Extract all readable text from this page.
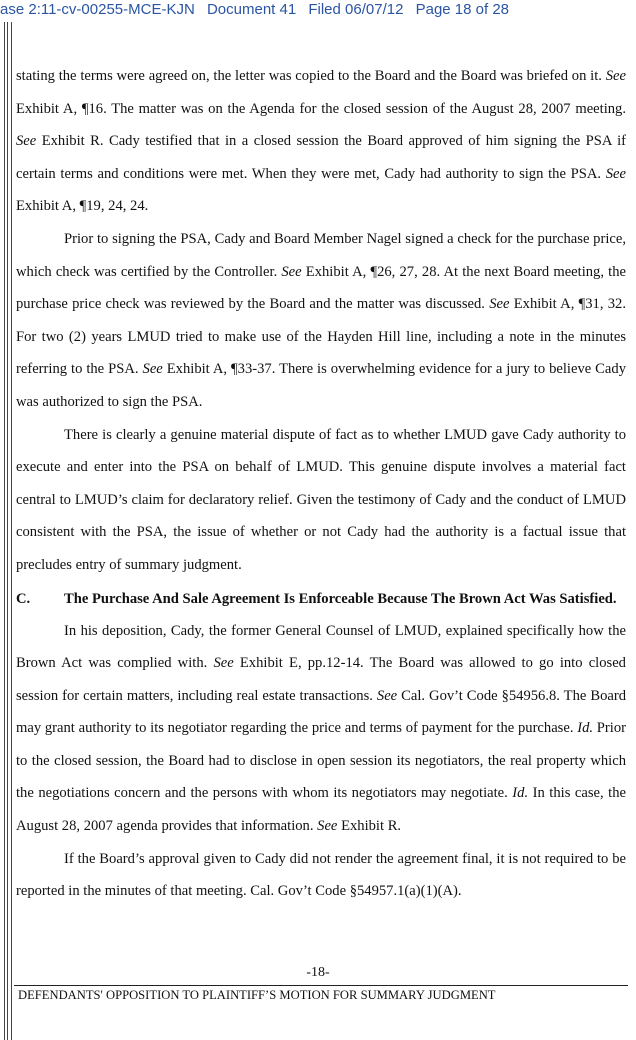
ase 2:11-cv-00255-MCE-KJN Document 41 Filed 06/07/12 Page 18 of 28

stating the terms were agreed on, the letter was copied to the Board and the Board was briefed on it. See Exhibit A, ¶16. The matter was on the Agenda for the closed session of the August 28, 2007 meeting. See Exhibit R. Cady testified that in a closed session the Board approved of him signing the PSA if certain terms and conditions were met. When they were met, Cady had authority to sign the PSA. See Exhibit A, ¶19, 24, 24.

Prior to signing the PSA, Cady and Board Member Nagel signed a check for the purchase price, which check was certified by the Controller. See Exhibit A, ¶26, 27, 28. At the next Board meeting, the purchase price check was reviewed by the Board and the matter was discussed. See Exhibit A, ¶31, 32. For two (2) years LMUD tried to make use of the Hayden Hill line, including a note in the minutes referring to the PSA. See Exhibit A, ¶33-37. There is overwhelming evidence for a jury to believe Cady was authorized to sign the PSA.

There is clearly a genuine material dispute of fact as to whether LMUD gave Cady authority to execute and enter into the PSA on behalf of LMUD. This genuine dispute involves a material fact central to LMUD’s claim for declaratory relief. Given the testimony of Cady and the conduct of LMUD consistent with the PSA, the issue of whether or not Cady had the authority is a factual issue that precludes entry of summary judgment.

C.	The Purchase And Sale Agreement Is Enforceable Because The Brown Act Was Satisfied.

In his deposition, Cady, the former General Counsel of LMUD, explained specifically how the Brown Act was complied with. See Exhibit E, pp.12-14. The Board was allowed to go into closed session for certain matters, including real estate transactions. See Cal. Gov’t Code §54956.8. The Board may grant authority to its negotiator regarding the price and terms of payment for the purchase. Id. Prior to the closed session, the Board had to disclose in open session its negotiators, the real property which the negotiations concern and the persons with whom its negotiators may negotiate. Id. In this case, the August 28, 2007 agenda provides that information. See Exhibit R.

If the Board’s approval given to Cady did not render the agreement final, it is not required to be reported in the minutes of that meeting. Cal. Gov’t Code §54957.1(a)(1)(A).

-18-
DEFENDANTS' OPPOSITION TO PLAINTIFF’S MOTION FOR SUMMARY JUDGMENT
